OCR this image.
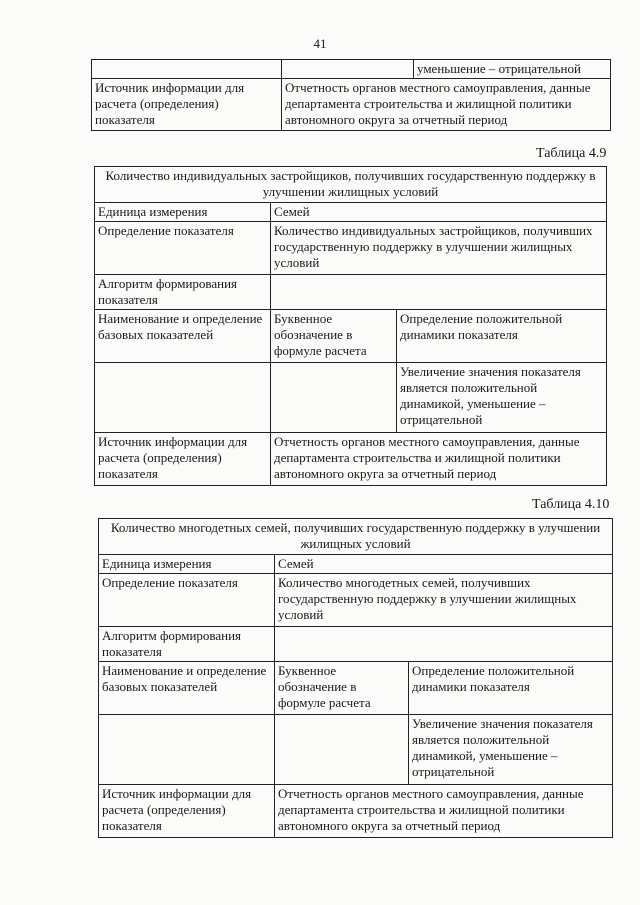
41
		уменьшение – отрицательной
Источник информации для расчета (определения) показателя	Отчетность органов местного самоуправления, данные департамента строительства и жилищной политики автономного округа за отчетный период	
Таблица 4.9
Количество индивидуальных застройщиков, получивших государственную поддержку в улучшении жилищных условий		
Единица измерения	Семей	
Определение показателя	Количество индивидуальных застройщиков, получивших государственную поддержку в улучшении жилищных условий	
Алгоритм формирования показателя		
Наименование и определение базовых показателей	Буквенное обозначение в формуле расчета	Определение положительной динамики показателя
		Увеличение значения показателя является положительной динамикой, уменьшение – отрицательной
Источник информации для расчета (определения) показателя	Отчетность органов местного самоуправления, данные департамента строительства и жилищной политики автономного округа за отчетный период	
Таблица 4.10
Количество многодетных семей, получивших государственную поддержку в улучшении жилищных условий		
Единица измерения	Семей	
Определение показателя	Количество многодетных семей, получивших государственную поддержку в улучшении жилищных условий	
Алгоритм формирования показателя		
Наименование и определение базовых показателей	Буквенное обозначение в формуле расчета	Определение положительной динамики показателя
		Увеличение значения показателя является положительной динамикой, уменьшение – отрицательной
Источник информации для расчета (определения) показателя	Отчетность органов местного самоуправления, данные департамента строительства и жилищной политики автономного округа за отчетный период	
